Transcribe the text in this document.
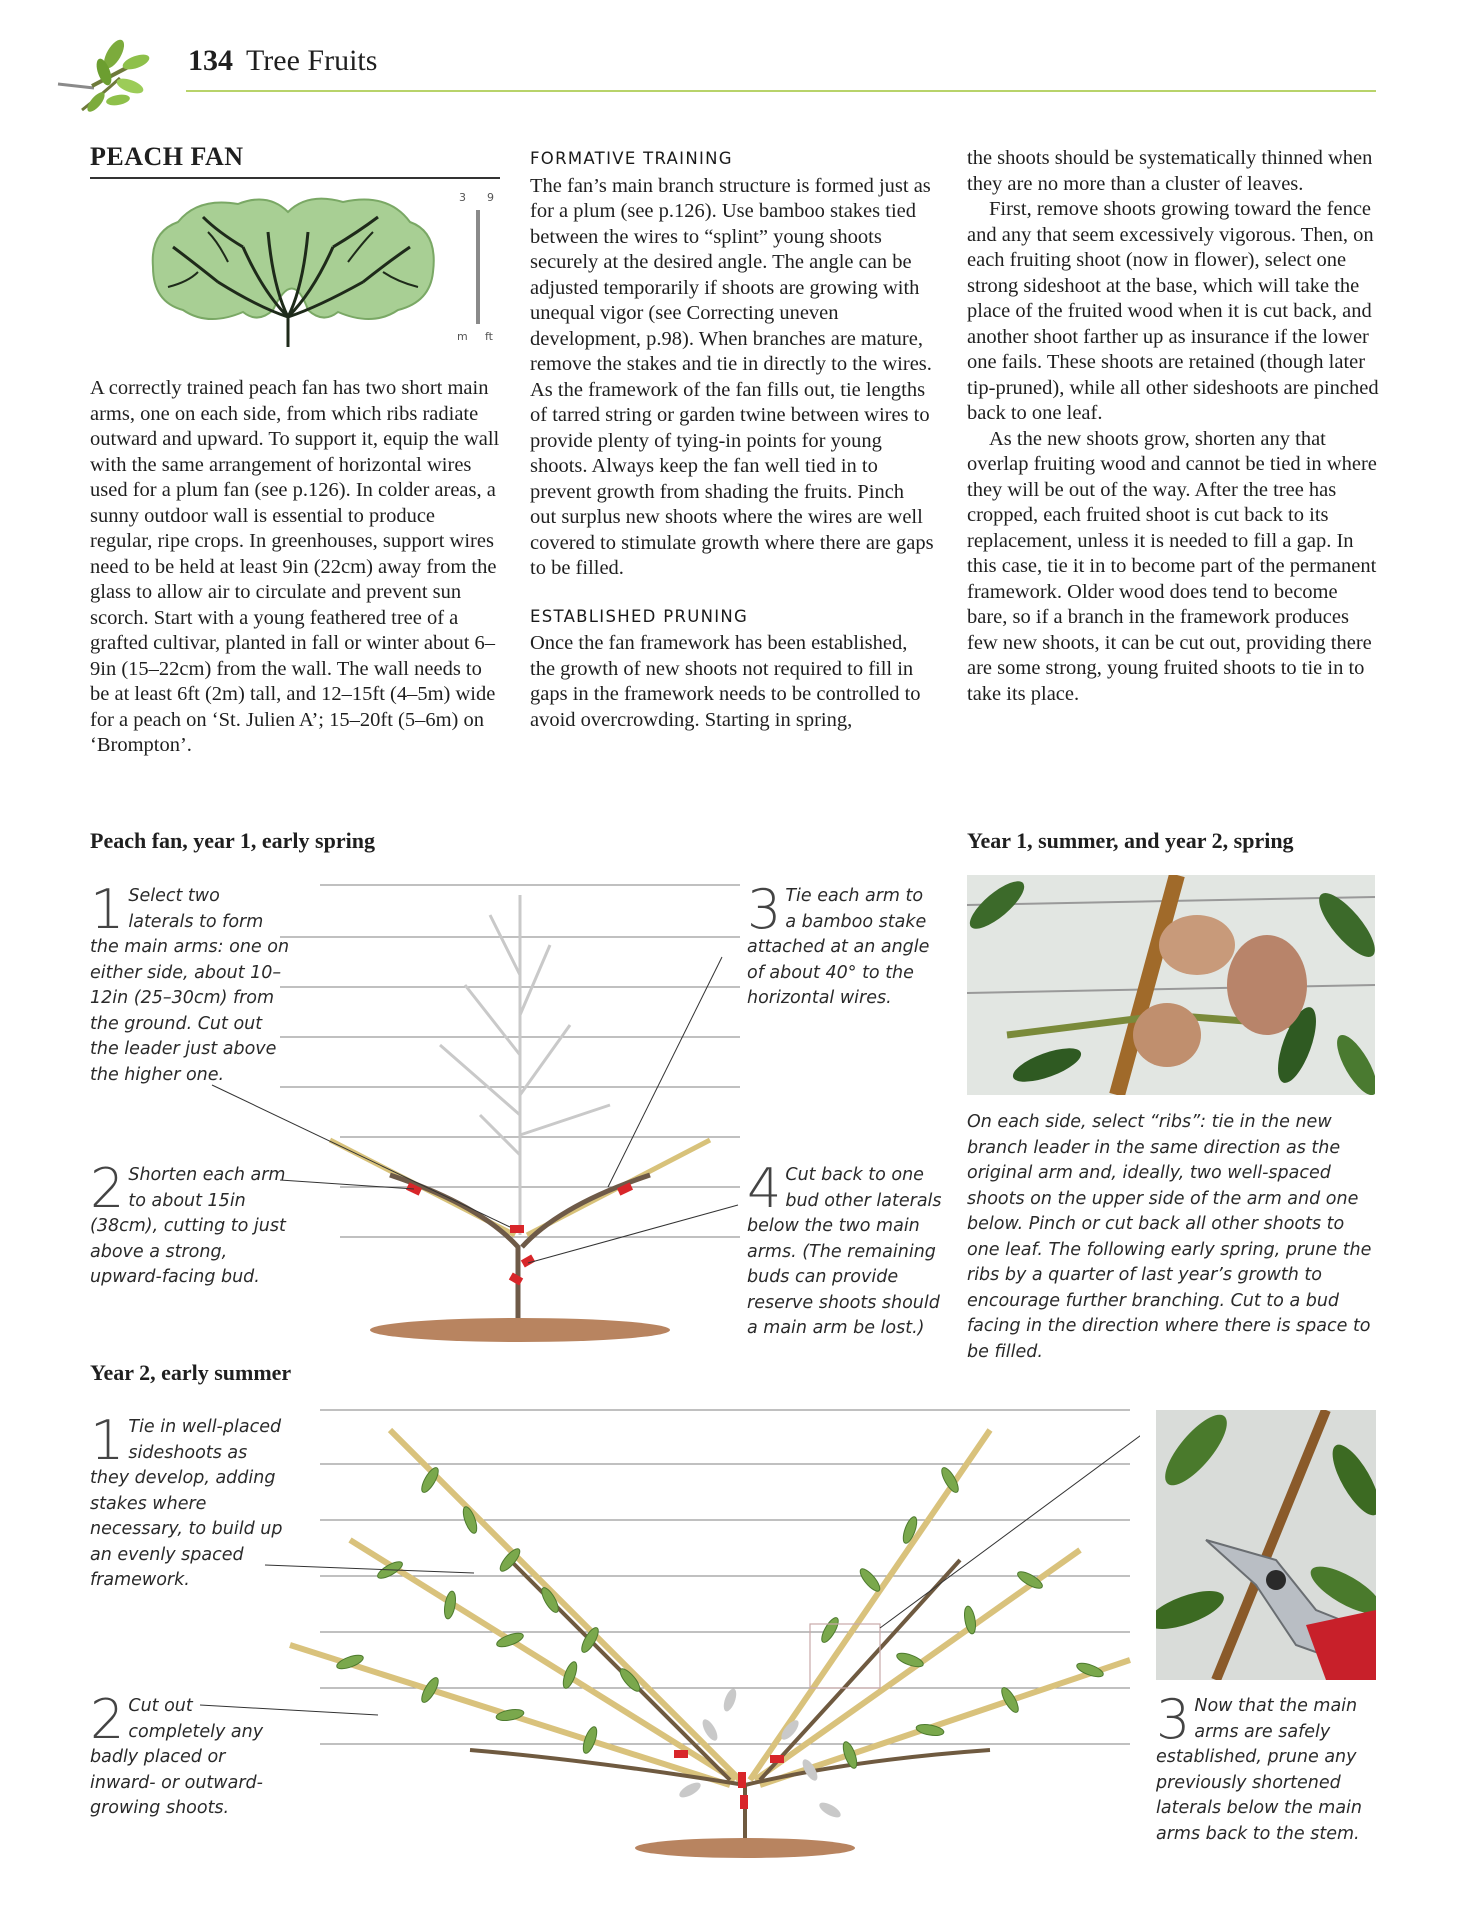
134 Tree Fruits
PEACH FAN
3 9
m ft

A correctly trained peach fan has two short main arms, one on each side, from which ribs radiate outward and upward. To support it, equip the wall with the same arrangement of horizontal wires used for a plum fan (see p.126). In colder areas, a sunny outdoor wall is essential to produce regular, ripe crops. In greenhouses, support wires need to be held at least 9in (22cm) away from the glass to allow air to circulate and prevent sun scorch. Start with a young feathered tree of a grafted cultivar, planted in fall or winter about 6–9in (15–22cm) from the wall. The wall needs to be at least 6ft (2m) tall, and 12–15ft (4–5m) wide for a peach on ‘St. Julien A’; 15–20ft (5–6m) on ‘Brompton’.

FORMATIVE TRAINING

The fan’s main branch structure is formed just as for a plum (see p.126). Use bamboo stakes tied between the wires to “splint” young shoots securely at the desired angle. The angle can be adjusted temporarily if shoots are growing with unequal vigor (see Correcting uneven development, p.98). When branches are mature, remove the stakes and tie in directly to the wires. As the framework of the fan fills out, tie lengths of tarred string or garden twine between wires to provide plenty of tying-in points for young shoots. Always keep the fan well tied in to prevent growth from shading the fruits. Pinch out surplus new shoots where the wires are well covered to stimulate growth where there are gaps to be filled.

ESTABLISHED PRUNING

Once the fan framework has been established, the growth of new shoots not required to fill in gaps in the framework needs to be controlled to avoid overcrowding. Starting in spring,

the shoots should be systematically thinned when they are no more than a cluster of leaves.

First, remove shoots growing toward the fence and any that seem excessively vigorous. Then, on each fruiting shoot (now in flower), select one strong sideshoot at the base, which will take the place of the fruited wood when it is cut back, and another shoot farther up as insurance if the lower one fails. These shoots are retained (though later tip-pruned), while all other sideshoots are pinched back to one leaf.

As the new shoots grow, shorten any that overlap fruiting wood and cannot be tied in where they will be out of the way. After the tree has cropped, each fruited shoot is cut back to its replacement, unless it is needed to fill a gap. In this case, tie it in to become part of the permanent framework. Older wood does tend to become bare, so if a branch in the framework produces few new shoots, it can be cut out, providing there are some strong, young fruited shoots to tie in to take its place.

Peach fan, year 1, early spring	Year 1, summer, and year 2, spring
1 Select two laterals to form the main arms: one on either side, about 10–12in (25–30cm) from the ground. Cut out the leader just above the higher one.

2 Shorten each arm to about 15in (38cm), cutting to just above a strong, upward-facing bud.

3 Tie each arm to a bamboo stake attached at an angle of about 40° to the horizontal wires.

4 Cut back to one bud other laterals below the two main arms. (The remaining buds can provide reserve shoots should a main arm be lost.)

On each side, select “ribs”: tie in the new branch leader in the same direction as the original arm and, ideally, two well-spaced shoots on the upper side of the arm and one below. Pinch or cut back all other shoots to one leaf. The following early spring, prune the ribs by a quarter of last year’s growth to encourage further branching. Cut to a bud facing in the direction where there is space to be filled.

Year 2, early summer
1 Tie in well-placed sideshoots as they develop, adding stakes where necessary, to build up an evenly spaced framework.

2 Cut out completely any badly placed or inward- or outward-growing shoots.

3 Now that the main arms are safely established, prune any previously shortened laterals below the main arms back to the stem.
